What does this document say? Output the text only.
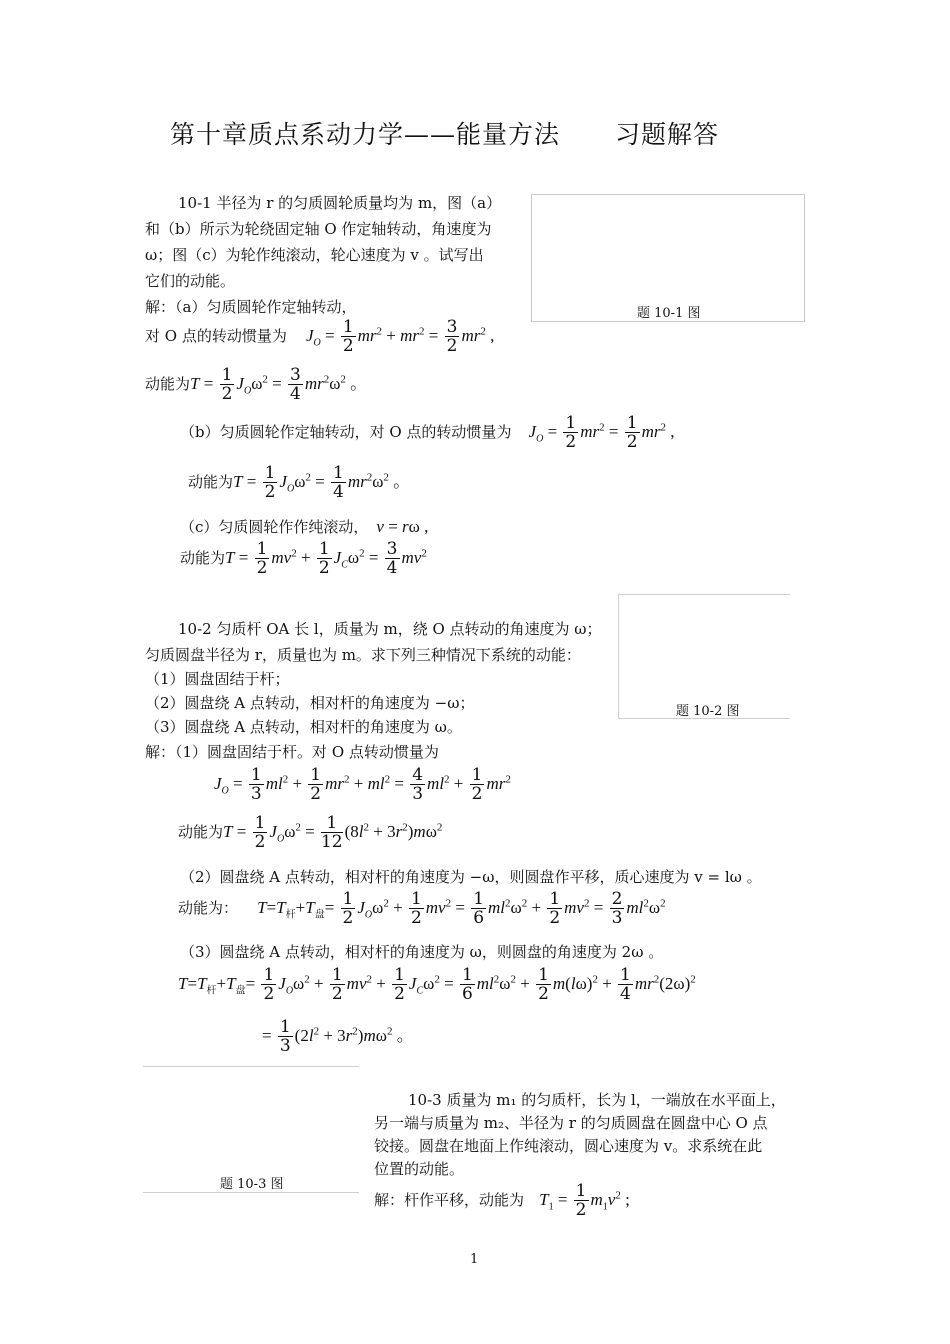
第十章质点系动力学——能量方法 习题解答
10-1 半径为 r 的匀质圆轮质量均为 m，图（a）
和（b）所示为轮绕固定轴 O 作定轴转动，角速度为
ω；图（c）为轮作纯滚动，轮心速度为 v 。试写出
它们的动能。
解：（a）匀质圆轮作定轴转动，	题 10-1 图
对 O 点的转动惯量为 $J_O = \frac{1}{2} mr^2 + mr^2 = \frac{3}{2} mr^2$ ,
动能为$T = \frac{1}{2} J_O\omega^2 = \frac{3}{4} mr^2\omega^2$ 。
（b）匀质圆轮作定轴转动，对 O 点的转动惯量为 $J_O = \frac{1}{2} mr^2 = \frac{1}{2} mr^2$ ,
动能为$T = \frac{1}{2} J_O\omega^2 = \frac{1}{4} mr^2\omega^2$ 。
（c）匀质圆轮作作纯滚动， v = rω ,
动能为$T = \frac{1}{2} mv^2 + \frac{1}{2} J_C\omega^2 = \frac{3}{4} mv^2$
题 10-2 图
10-2 匀质杆 OA 长 l，质量为 m，绕 O 点转动的角速度为 ω；
匀质圆盘半径为 r，质量也为 m。求下列三种情况下系统的动能：
（1）圆盘固结于杆；
（2）圆盘绕 A 点转动，相对杆的角速度为 −ω；
（3）圆盘绕 A 点转动，相对杆的角速度为 ω。
解：（1）圆盘固结于杆。对 O 点转动惯量为
$J_O = \frac{1}{3} ml^2 + \frac{1}{2} mr^2 + ml^2 = \frac{4}{3} ml^2 + \frac{1}{2} mr^2$
动能为$T = \frac{1}{2} J_O\omega^2 = \frac{1}{12} (8l^2 + 3r^2)m\omega^2$
（2）圆盘绕 A 点转动，相对杆的角速度为 −ω，则圆盘作平移，质心速度为 v = lω 。
动能为： $T=T_杆+T_盘= \frac{1}{2} J_O\omega^2 + \frac{1}{2} mv^2 = \frac{1}{6} ml^2\omega^2 + \frac{1}{2} mv^2 = \frac{2}{3} ml^2\omega^2$
（3）圆盘绕 A 点转动，相对杆的角速度为 ω，则圆盘的角速度为 2ω 。
$T=T_杆+T_盘= \frac{1}{2} J_O\omega^2 + \frac{1}{2} mv^2 + \frac{1}{2} J_C\omega^2 = \frac{1}{6} ml^2\omega^2 + \frac{1}{2} m(l\omega)^2 + \frac{1}{4} mr^2(2\omega)^2$
= $\frac{1}{3} (2l^2 + 3r^2)m\omega^2$ 。
题 10-3 图
10-3 质量为 m₁ 的匀质杆，长为 l，一端放在水平面上，
另一端与质量为 m₂、半径为 r 的匀质圆盘在圆盘中心 O 点
铰接。圆盘在地面上作纯滚动，圆心速度为 v。求系统在此
位置的动能。
解：杆作平移，动能为 $T_1 = \frac{1}{2} m_1v^2$ ;
1
